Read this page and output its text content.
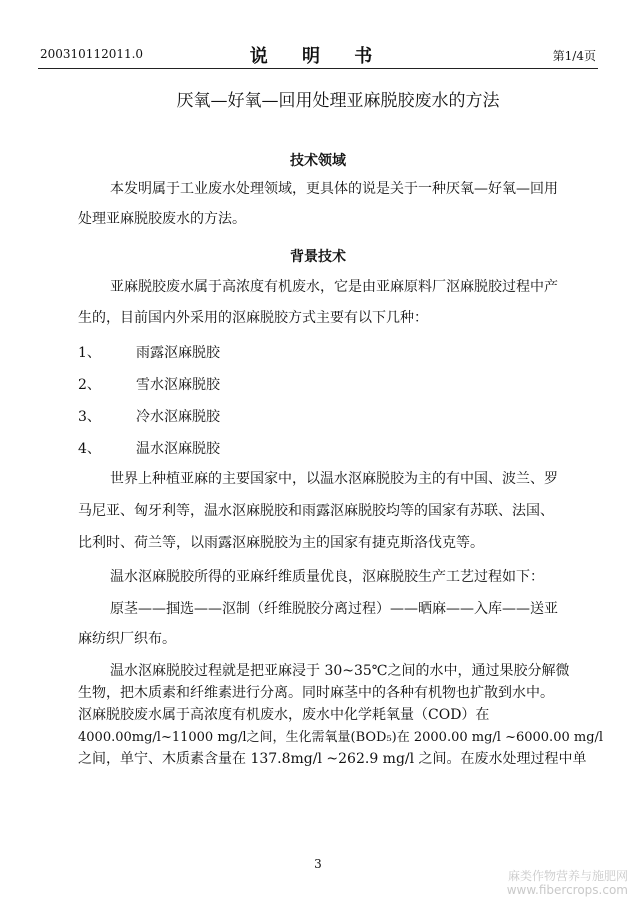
200310112011.0	说 明 书	第1/4页
厌氧—好氧—回用处理亚麻脱胶废水的方法
技术领域
本发明属于工业废水处理领域，更具体的说是关于一种厌氧—好氧—回用
处理亚麻脱胶废水的方法。
背景技术
亚麻脱胶废水属于高浓度有机废水，它是由亚麻原料厂沤麻脱胶过程中产
生的，目前国内外采用的沤麻脱胶方式主要有以下几种：
1、	雨露沤麻脱胶
2、	雪水沤麻脱胶
3、	冷水沤麻脱胶
4、	温水沤麻脱胶
世界上种植亚麻的主要国家中，以温水沤麻脱胶为主的有中国、波兰、罗
马尼亚、匈牙利等，温水沤麻脱胶和雨露沤麻脱胶均等的国家有苏联、法国、
比利时、荷兰等，以雨露沤麻脱胶为主的国家有捷克斯洛伐克等。
温水沤麻脱胶所得的亚麻纤维质量优良，沤麻脱胶生产工艺过程如下：
原茎——掴选——沤制（纤维脱胶分离过程）——晒麻——入库——送亚
麻纺织厂织布。
温水沤麻脱胶过程就是把亚麻浸于 30~35℃之间的水中，通过果胶分解微
生物，把木质素和纤维素进行分离。同时麻茎中的各种有机物也扩散到水中。
沤麻脱胶废水属于高浓度有机废水，废水中化学耗氧量（COD）在
4000.00mg/l~11000 mg/l之间，生化需氧量(BOD₅)在 2000.00 mg/l ~6000.00 mg/l
之间，单宁、木质素含量在 137.8mg/l ~262.9 mg/l 之间。在废水处理过程中单
3
麻类作物营养与施肥网
www.fibercrops.com
